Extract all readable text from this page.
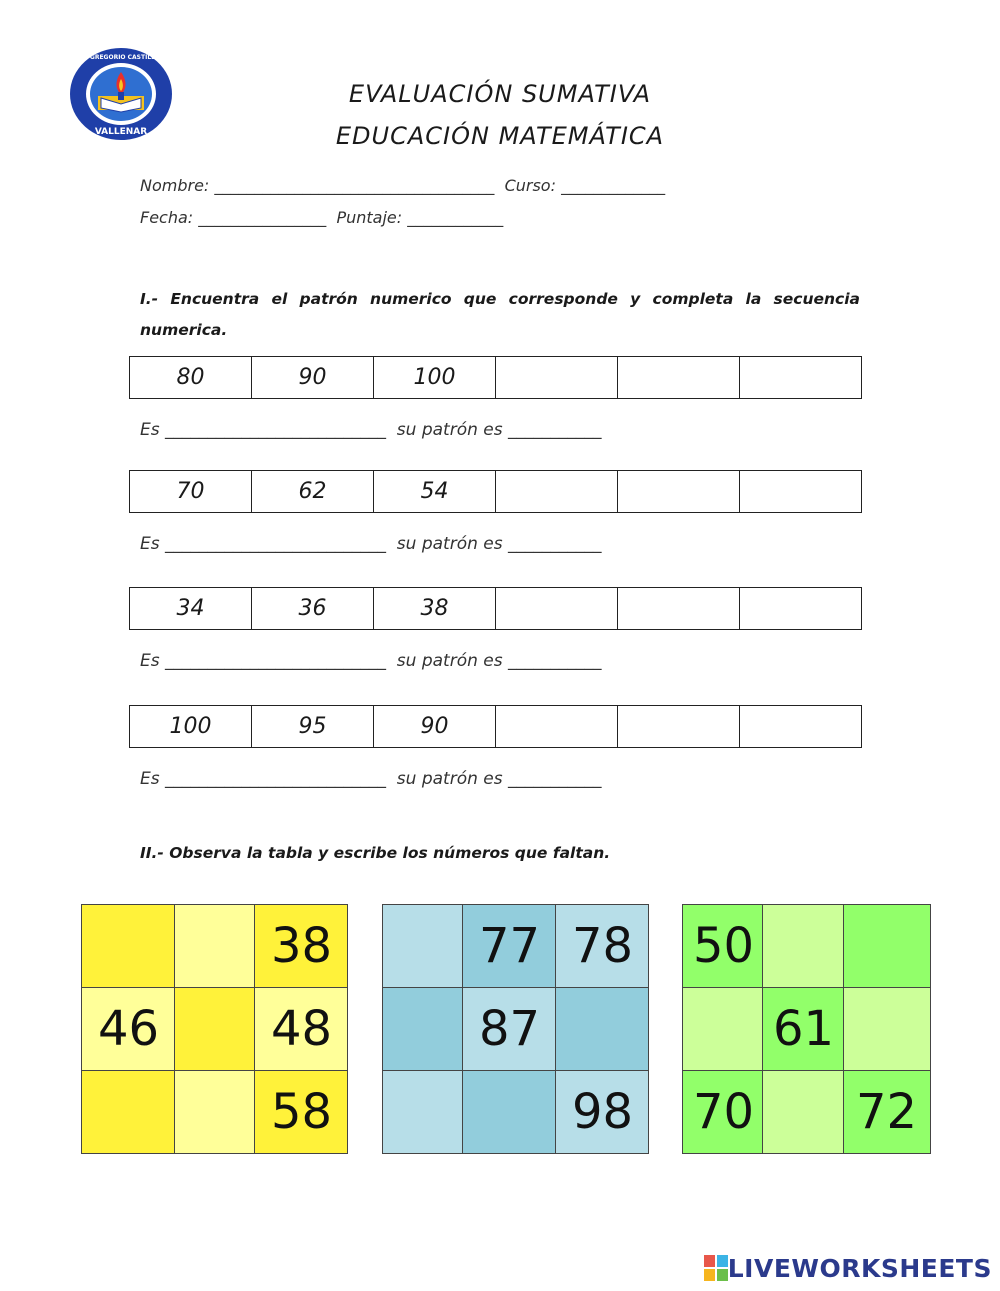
VALLENAR
ESCUELA GREGORIO CASTILLO MARIN
EVALUACIÓN SUMATIVA
EDUCACIÓN MATEMÁTICA
Nombre: ___________________________________  Curso: _____________
Fecha: ________________  Puntaje: ____________
I.- Encuentra el patrón numerico que corresponde y completa la secuencia numerica.
80	90	100			
Es __________________________  su patrón es ___________
70	62	54			
Es __________________________  su patrón es ___________
34	36	38			
Es __________________________  su patrón es ___________
100	95	90			
Es __________________________  su patrón es ___________
II.- Observa la tabla y escribe los números que faltan.
		38
46		48
		58
	77	78
	87	
		98
50		
	61	
70		72
LIVEWORKSHEETS
